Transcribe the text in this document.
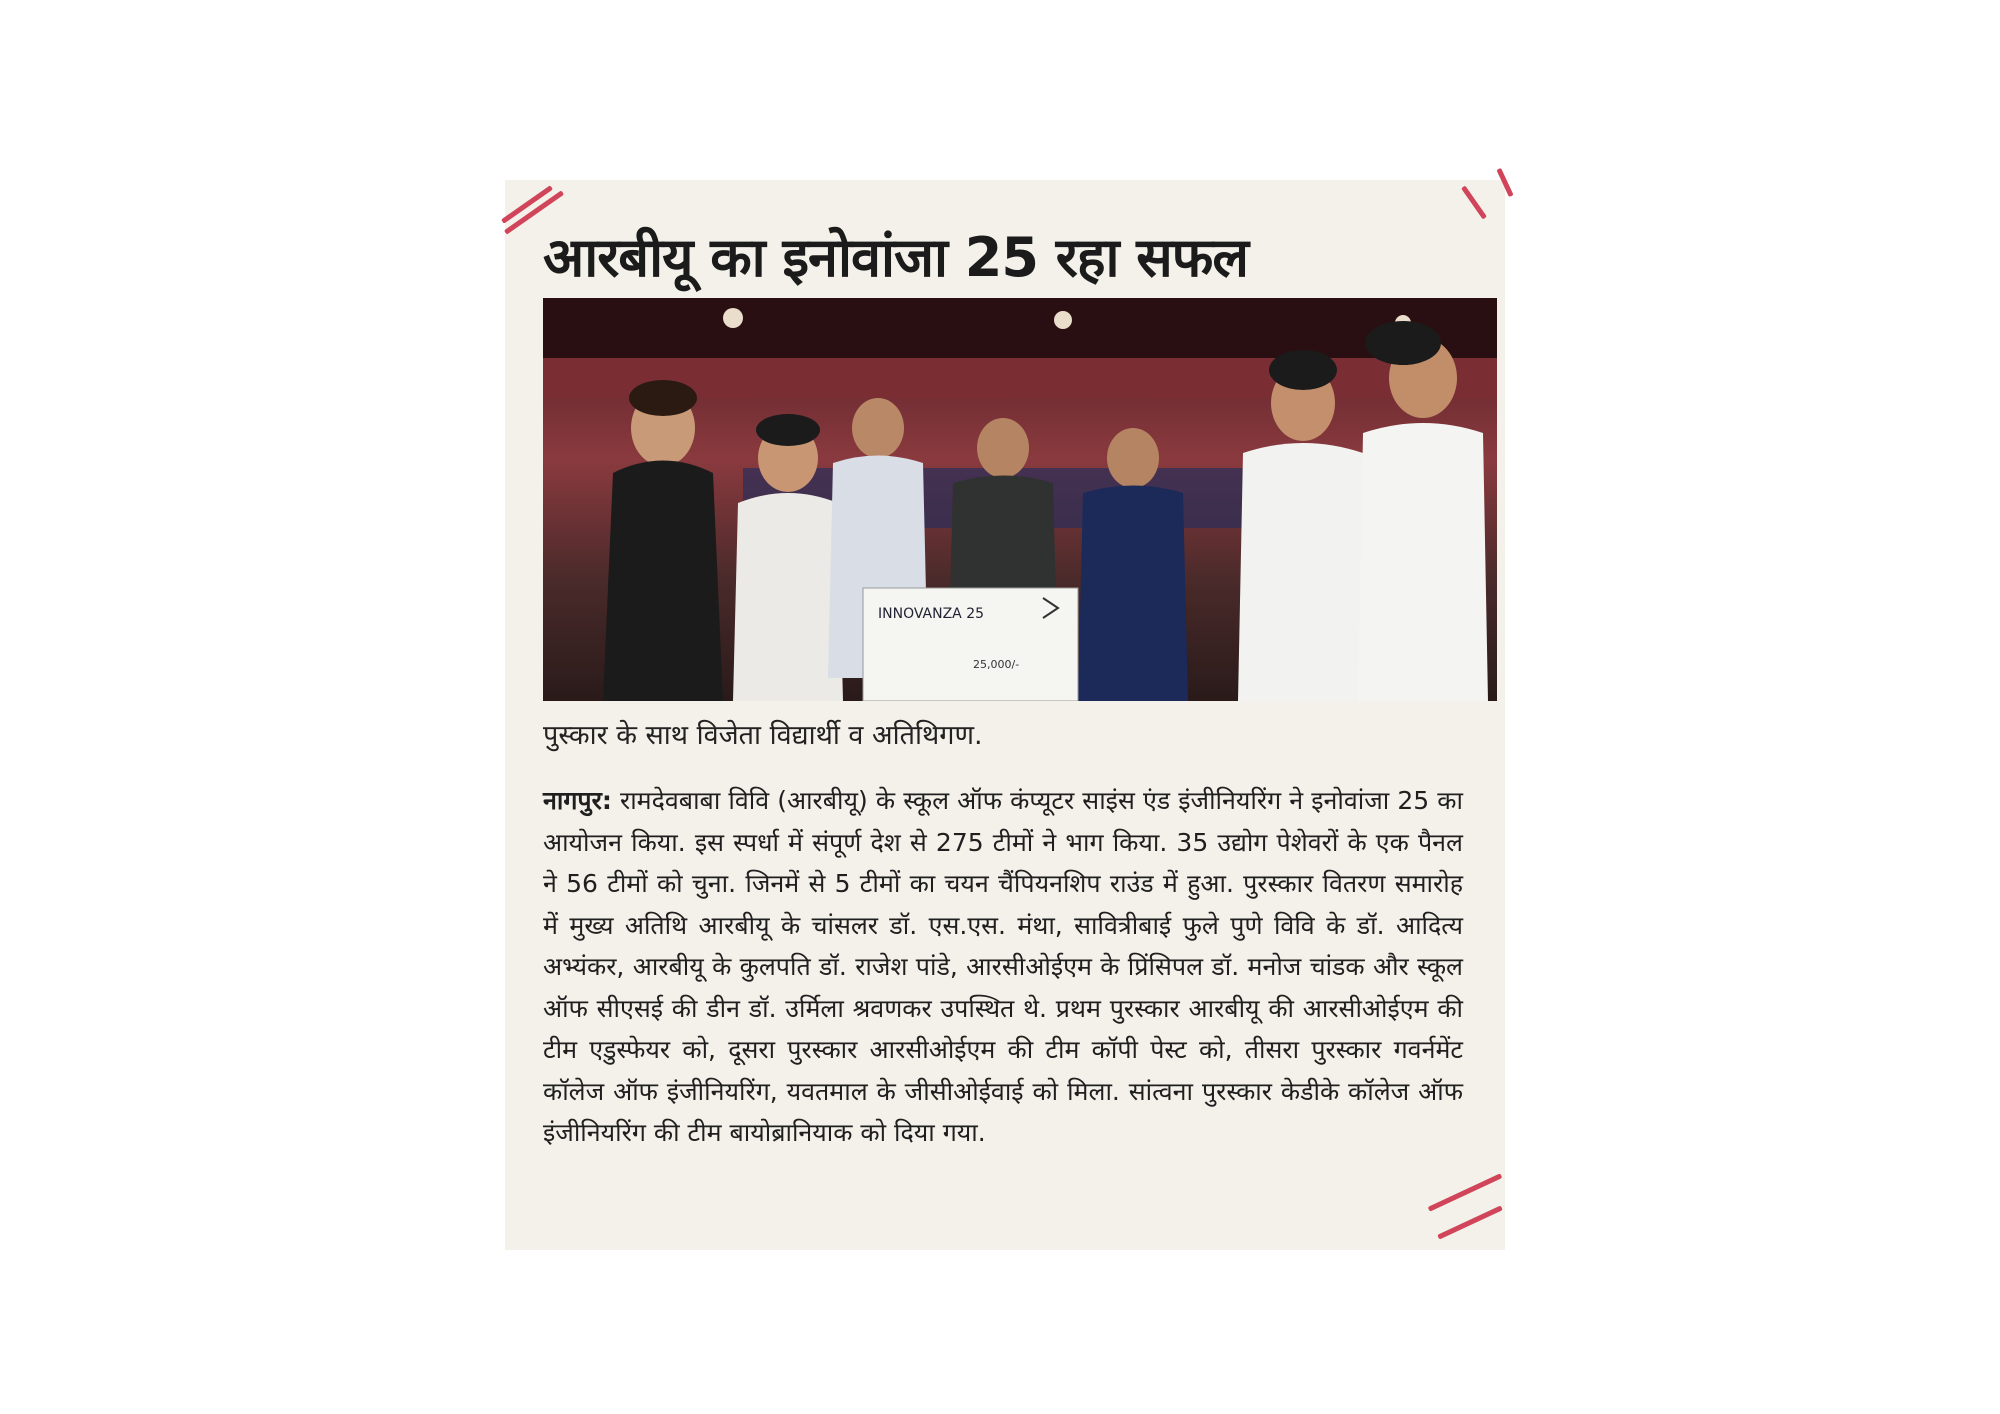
आरबीयू का इनोवांजा 25 रहा सफल
INNOVANZA 25
25,000/-

पुस्कार के साथ विजेता विद्यार्थी व अतिथिगण.

नागपुर: रामदेवबाबा विवि (आरबीयू) के स्कूल ऑफ कंप्यूटर साइंस एंड इंजीनियरिंग ने इनोवांजा 25 का आयोजन किया. इस स्पर्धा में संपूर्ण देश से 275 टीमों ने भाग किया. 35 उद्योग पेशेवरों के एक पैनल ने 56 टीमों को चुना. जिनमें से 5 टीमों का चयन चैंपियनशिप राउंड में हुआ. पुरस्कार वितरण समारोह में मुख्य अतिथि आरबीयू के चांसलर डॉ. एस.एस. मंथा, सावित्रीबाई फुले पुणे विवि के डॉ. आदित्य अभ्यंकर, आरबीयू के कुलपति डॉ. राजेश पांडे, आरसीओईएम के प्रिंसिपल डॉ. मनोज चांडक और स्कूल ऑफ सीएसई की डीन डॉ. उर्मिला श्रवणकर उपस्थित थे. प्रथम पुरस्कार आरबीयू की आरसीओईएम की टीम एडुस्फेयर को, दूसरा पुरस्कार आरसीओईएम की टीम कॉपी पेस्ट को, तीसरा पुरस्कार गवर्नमेंट कॉलेज ऑफ इंजीनियरिंग, यवतमाल के जीसीओईवाई को मिला. सांत्वना पुरस्कार केडीके कॉलेज ऑफ इंजीनियरिंग की टीम बायोब्रानियाक को दिया गया.
